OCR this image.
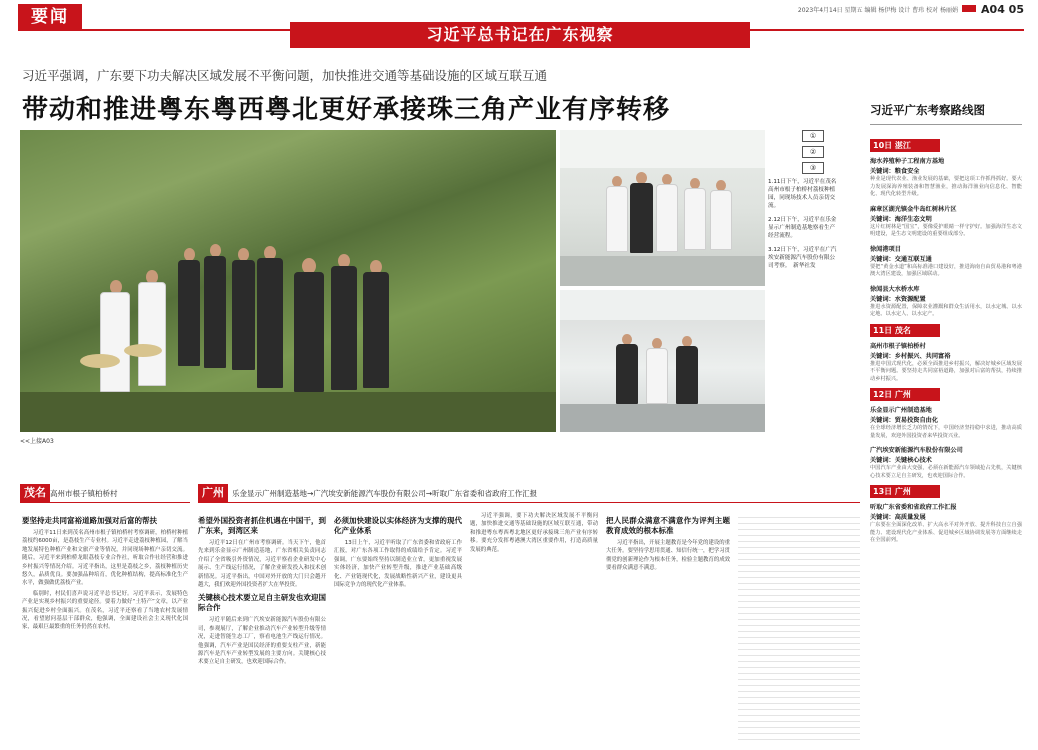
要闻	2023年4月14日 星期五 编辑 杨伊梅 设计 曹玮 校对 杨丽娟 A04 05
习近平总书记在广东视察
习近平强调，广东要下功夫解决区域发展不平衡问题，加快推进交通等基础设施的区域互联互通
带动和推进粤东粤西粤北更好承接珠三角产业有序转移
①
②
③
1.11日下午，习近平在茂名高州市根子柏桥村荔枝种植园，同现场技术人员亲切交流。
2.12日下午，习近平在乐金显示广州制造基地察看生产经营流程。
3.12日下午，习近平在广汽埃安新能源汽车股份有限公司考察。　新华社发
<<上接A03
茂名 高州市根子镇柏桥村	广州	乐金显示广州制造基地→广汽埃安新能源汽车股份有限公司→听取广东省委和省政府工作汇报
要坚持走共同富裕道路加强对后富的帮扶

习近平11日来到茂名高州市根子镇柏桥村考察调研，柏桥村种植荔枝约6000亩，是荔枝生产专业村。习近平走进荔枝种植园，了解当地发展特色种植产业和文旅产业等情况，并同现场种植户亲切交流。随后，习近平来到柏桥龙眼荔枝专业合作社，听取合作社经营和推进乡村振兴等情况介绍。习近平指出，这里是荔枝之乡，荔枝种植历史悠久，品质优良。要加强品种培育，优化种植结构，提高标准化生产水平，做强做优荔枝产业。

临别时，村民们喜声说习近平总书记好。习近平表示，发展特色产业是实现乡村振兴的重要途径。要着力做好“土特产”文章，以产业振兴促进乡村全面振兴。在茂名，习近平还察看了当地农村发展情况，看望慰问基层干部群众，他强调，全面建设社会主义现代化国家，最艰巨最繁重的任务仍然在农村。

希望外国投资者抓住机遇在中国干，到广东来，到湾区来

习近平12日在广州市考察调研。当天下午，他首先来到乐金显示广州制造基地，广东省相关负责同志介绍了全省吸引外资情况，习近平察看企业研发中心展示、生产线运行情况，了解企业研发投入和技术创新情况。习近平指出，中国对外开放的大门只会越开越大，我们欢迎外国投资者扩大在华投资。

关键核心技术要立足自主研发也欢迎国际合作

习近平随后来到广汽埃安新能源汽车股份有限公司，参观展厅，了解企业推动汽车产业转型升级等情况，走进智能生态工厂，察看电池生产线运行情况。他强调，汽车产业是国民经济的重要支柱产业，新能源汽车是汽车产业转型发展的主要方向。关键核心技术要立足自主研发，也欢迎国际合作。

必须加快建设以实体经济为支撑的现代化产业体系

13日上午，习近平听取了广东省委和省政府工作汇报，对广东各项工作取得的成绩给予肯定。习近平强调，广东要始终坚持以制造业立省，更加重视发展实体经济，加快产业转型升级，推进产业基础高级化、产业链现代化，发展战略性新兴产业，建设更具国际竞争力的现代化产业体系。

习近平强调，要下功夫解决区域发展不平衡问题，加快推进交通等基础设施的区域互联互通，带动和推进粤东粤西粤北地区更好承接珠三角产业有序转移。要充分发挥粤港澳大湾区重要作用，打造高质量发展的典范。

把人民群众满意不满意作为评判主题教育成效的根本标准

习近平指出，开展主题教育是今年党的建设的重大任务。要坚持学思用贯通、知信行统一，把学习贯彻党的创新理论作为根本任务，检验主题教育的成效要看群众满意不满意。

习近平广东考察路线图
10日 湛江
海水养殖种子工程南方基地
关键词：粮食安全
种业是现代农业、渔业发展的基础，要把这项工作抓得抓好。要大力发展深海养殖装备和智慧渔业，推动海洋渔业向信息化、智能化、现代化转型升级。
麻章区湖光镇金牛岛红树林片区
关键词：海洋生态文明
这片红树林是“国宝”，要像爱护眼睛一样守护好。加强海洋生态文明建设，是生态文明建设的重要组成部分。
徐闻港项目
关键词：交通互联互通
要把“黄金水道”和高标准港口建设好，推进海南自由贸易港和粤港澳大湾区建设，加强区域联动。
徐闻县大水桥水库
关键词：水资源配置
推进水资源配置，保障农业灌溉和群众生活用水，以水定城、以水定地、以水定人、以水定产。
11日 茂名
高州市根子镇柏桥村
关键词：乡村振兴、共同富裕
推进中国式现代化，必须全面推进乡村振兴，解决好城乡区域发展不平衡问题。要坚持走共同富裕道路，加强对后富的帮扶，持续推动乡村振兴。
12日 广州
乐金显示广州制造基地
关键词：贸易投资自由化
在全球经济增长乏力的情况下，中国经济坚持稳中求进，推动高质量发展，欢迎外国投资者来华投资兴业。
广汽埃安新能源汽车股份有限公司
关键词：关键核心技术
中国汽车产业由大变强，必须在新能源汽车领域抢占先机，关键核心技术要立足自主研发，也欢迎国际合作。
13日 广州
听取广东省委和省政府工作汇报
关键词：高质量发展
广东要在全面深化改革、扩大高水平对外开放、提升科技自立自强能力、建设现代化产业体系、促进城乡区域协调发展等方面继续走在全国前列。
